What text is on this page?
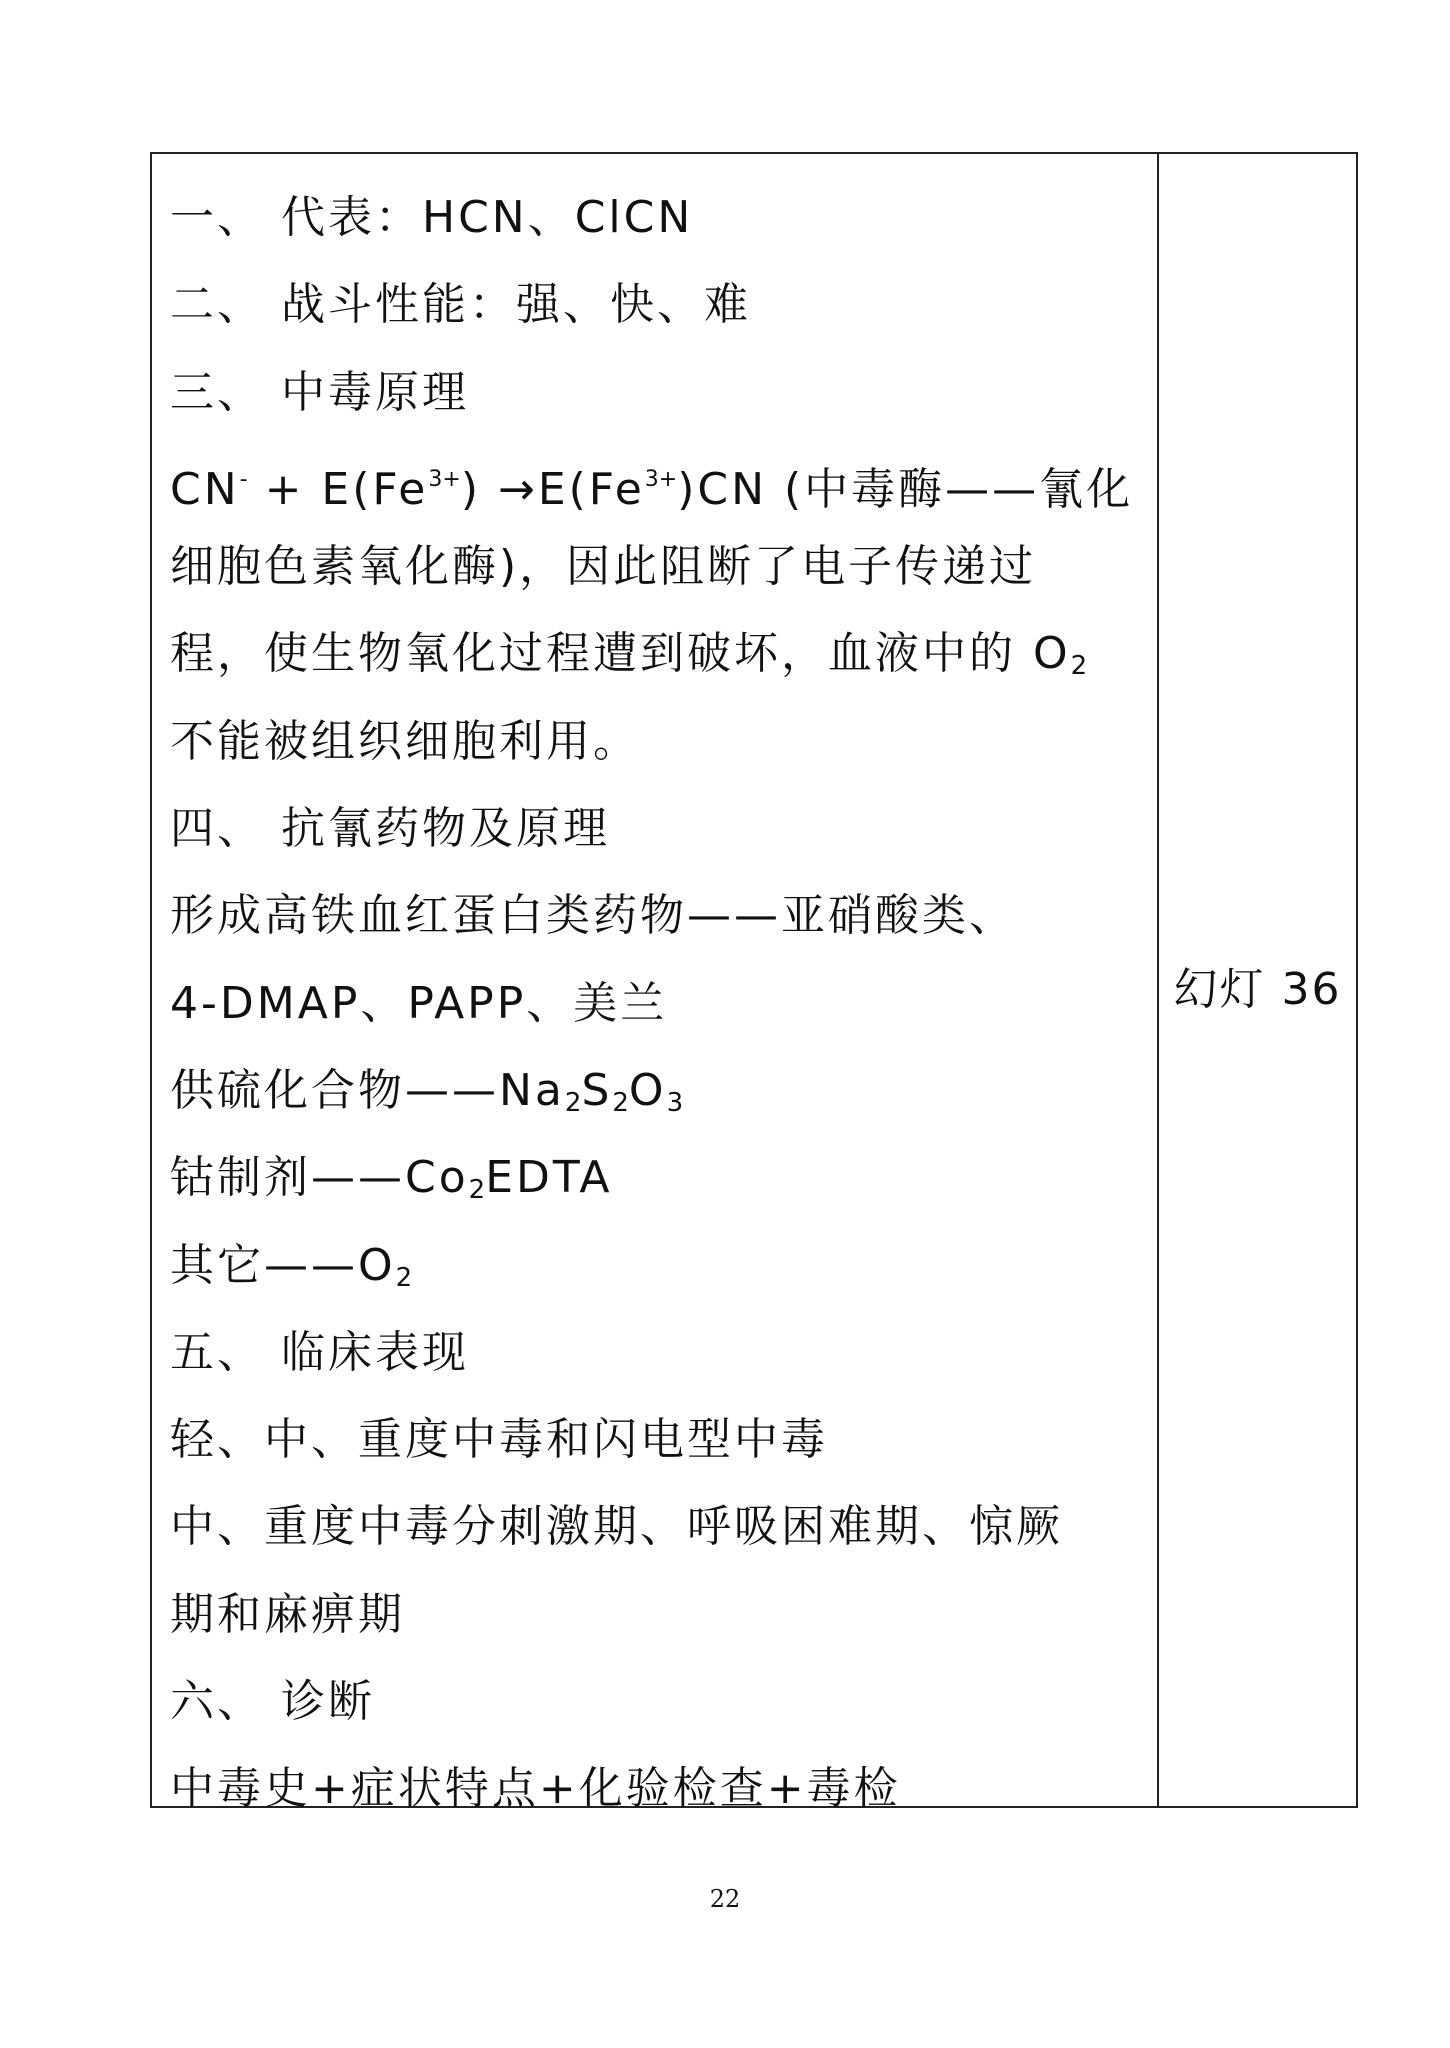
一、 代表：HCN、ClCN
二、 战斗性能：强、快、难
三、 中毒原理
$CN^- + E(Fe^{3+}) \to E(Fe^{3+})CN$ (中毒酶——氰化
细胞色素氧化酶)，因此阻断了电子传递过
程，使生物氧化过程遭到破坏，血液中的 $O_2$
不能被组织细胞利用。
四、 抗氰药物及原理
形成高铁血红蛋白类药物——亚硝酸类、
4-DMAP、PAPP、美兰
供硫化合物$——Na_2S_2O_3$
钴制剂$——Co_2EDTA$
其它$——O_2$
五、 临床表现
轻、中、重度中毒和闪电型中毒
中、重度中毒分刺激期、呼吸困难期、惊厥
期和麻痹期
六、 诊断
中毒史+症状特点+化验检查+毒检
幻灯 36
22
